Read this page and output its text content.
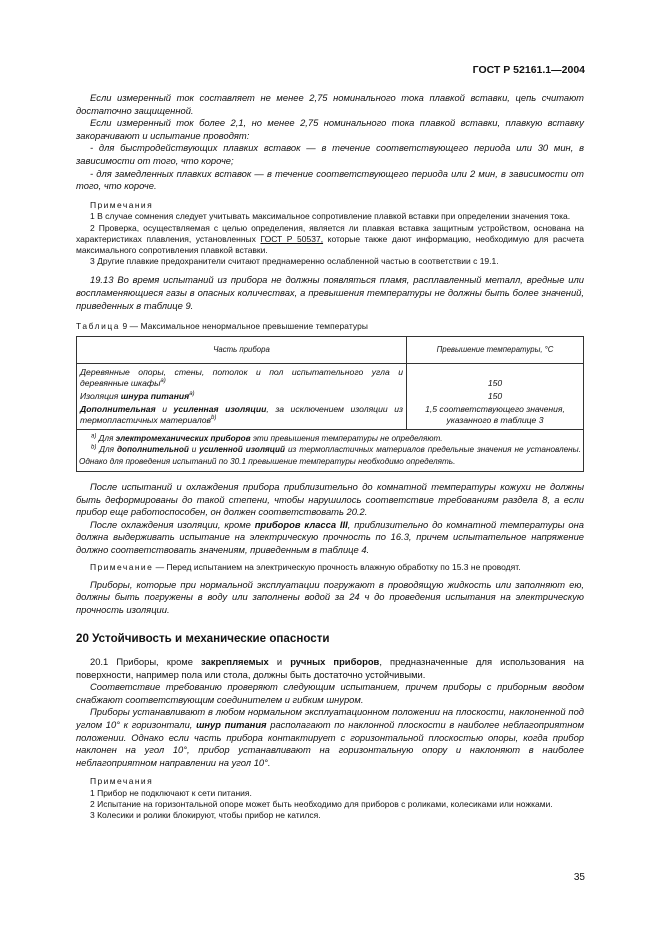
ГОСТ Р 52161.1—2004

Если измеренный ток составляет не менее 2,75 номинального тока плавкой вставки, цепь считают достаточно защищенной.

Если измеренный ток более 2,1, но менее 2,75 номинального тока плавкой вставки, плавкую вставку закорачивают и испытание проводят:

- для быстродействующих плавких вставок — в течение соответствующего периода или 30 мин, в зависимости от того, что короче;

- для замедленных плавких вставок — в течение соответствующего периода или 2 мин, в зависимости от того, что короче.

Примечания

1 В случае сомнения следует учитывать максимальное сопротивление плавкой вставки при определении значения тока.

2 Проверка, осуществляемая с целью определения, является ли плавкая вставка защитным устройством, основана на характеристиках плавления, установленных ГОСТ Р 50537, которые также дают информацию, необходимую для расчета максимального сопротивления плавкой вставки.

3 Другие плавкие предохранители считают преднамеренно ослабленной частью в соответствии с 19.1.

19.13 Во время испытаний из прибора не должны появляться пламя, расплавленный металл, вредные или воспламеняющиеся газы в опасных количествах, а превышения температуры не должны быть более значений, приведенных в таблице 9.

Таблица 9 — Максимальное ненормальное превышение температуры
Часть прибора	Превышение температуры, °С
Деревянные опоры, стены, потолок и пол испытательного угла и деревянные шкафы$^{a)}$	150
Изоляция шнура питания$^{a)}$	150
Дополнительная и усиленная изоляции, за исключением изоляции из термопластичных материалов$^{b)}$	1,5 соответствующего значения, указанного в таблице 3

$^{a)}$ Для электромеханических приборов эти превышения температуры не определяют.
$^{b)}$ Для дополнительной и усиленной изоляций из термопластичных материалов предельные значения не установлены. Однако для проведения испытаний по 30.1 превышение температуры необходимо определять.	

После испытаний и охлаждения прибора приблизительно до комнатной температуры кожухи не должны быть деформированы до такой степени, чтобы нарушилось соответствие требованиям раздела 8, а если прибор еще работоспособен, он должен соответствовать 20.2.

После охлаждения изоляции, кроме приборов класса III, приблизительно до комнатной температуры она должна выдерживать испытание на электрическую прочность по 16.3, причем испытательное напряжение должно соответствовать значениям, приведенным в таблице 4.

Примечание — Перед испытанием на электрическую прочность влажную обработку по 15.3 не проводят.

Приборы, которые при нормальной эксплуатации погружают в проводящую жидкость или заполняют ею, должны быть погружены в воду или заполнены водой за 24 ч до проведения испытания на электрическую прочность изоляции.

20 Устойчивость и механические опасности

20.1 Приборы, кроме закрепляемых и ручных приборов, предназначенные для использования на поверхности, например пола или стола, должны быть достаточно устойчивыми.

Соответствие требованию проверяют следующим испытанием, причем приборы с приборным вводом снабжают соответствующим соединителем и гибким шнуром.

Приборы устанавливают в любом нормальном эксплуатационном положении на плоскости, наклоненной под углом 10° к горизонтали, шнур питания располагают по наклонной плоскости в наиболее неблагоприятном положении. Однако если часть прибора контактирует с горизонтальной плоскостью опоры, когда прибор наклонен на угол 10°, прибор устанавливают на горизонтальную опору и наклоняют в наиболее неблагоприятном направлении на угол 10°.

Примечания

1 Прибор не подключают к сети питания.

2 Испытание на горизонтальной опоре может быть необходимо для приборов с роликами, колесиками или ножками.

3 Колесики и ролики блокируют, чтобы прибор не катился.

35
